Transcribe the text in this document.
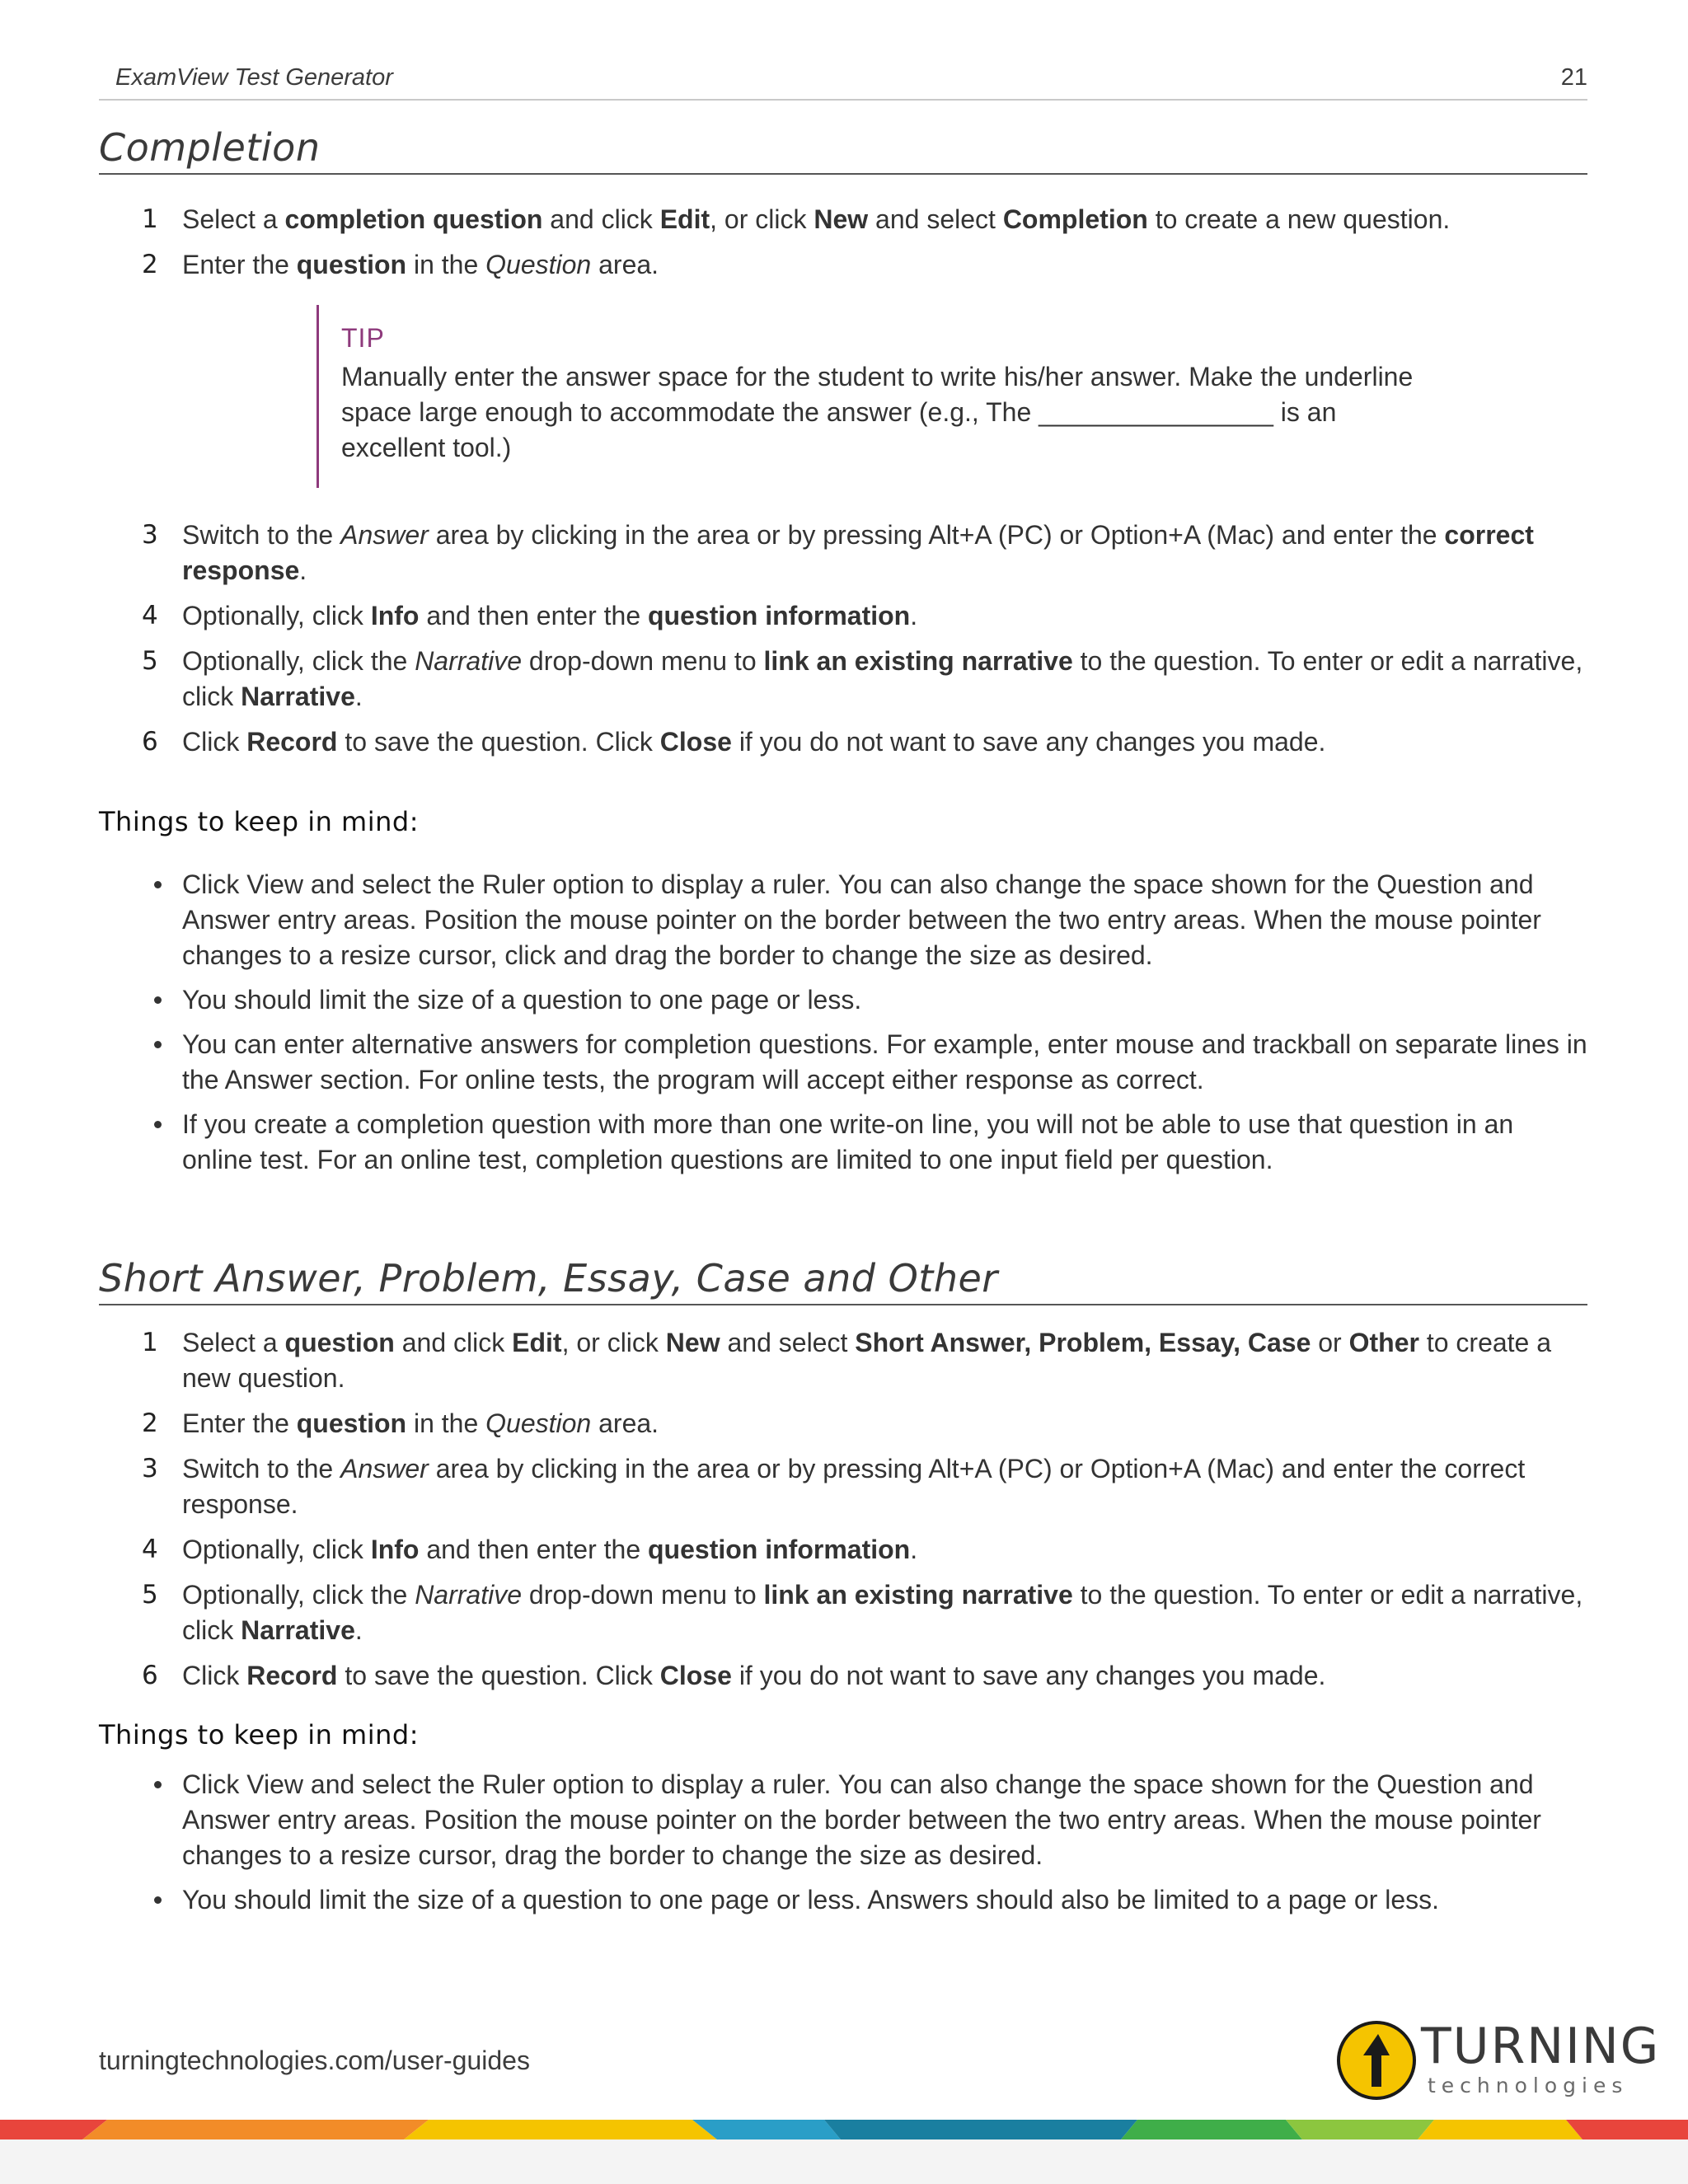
ExamView Test Generator	21
Completion
1 Select a completion question and click Edit, or click New and select Completion to create a new question.
2 Enter the question in the Question area.
TIP
Manually enter the answer space for the student to write his/her answer. Make the underline space large enough to accommodate the answer (e.g., The ________________ is an excellent tool.)
3 Switch to the Answer area by clicking in the area or by pressing Alt+A (PC) or Option+A (Mac) and enter the correct response.
4 Optionally, click Info and then enter the question information.
5 Optionally, click the Narrative drop-down menu to link an existing narrative to the question. To enter or edit a narrative, click Narrative.
6 Click Record to save the question. Click Close if you do not want to save any changes you made.
Things to keep in mind:
Click View and select the Ruler option to display a ruler. You can also change the space shown for the Question and Answer entry areas. Position the mouse pointer on the border between the two entry areas. When the mouse pointer changes to a resize cursor, click and drag the border to change the size as desired.
You should limit the size of a question to one page or less.
You can enter alternative answers for completion questions. For example, enter mouse and trackball on separate lines in the Answer section. For online tests, the program will accept either response as correct.
If you create a completion question with more than one write-on line, you will not be able to use that question in an online test. For an online test, completion questions are limited to one input field per question.
Short Answer, Problem, Essay, Case and Other
1 Select a question and click Edit, or click New and select Short Answer, Problem, Essay, Case or Other to create a new question.
2 Enter the question in the Question area.
3 Switch to the Answer area by clicking in the area or by pressing Alt+A (PC) or Option+A (Mac) and enter the correct response.
4 Optionally, click Info and then enter the question information.
5 Optionally, click the Narrative drop-down menu to link an existing narrative to the question. To enter or edit a narrative, click Narrative.
6 Click Record to save the question. Click Close if you do not want to save any changes you made.
Things to keep in mind:
Click View and select the Ruler option to display a ruler. You can also change the space shown for the Question and Answer entry areas. Position the mouse pointer on the border between the two entry areas. When the mouse pointer changes to a resize cursor, drag the border to change the size as desired.
You should limit the size of a question to one page or less. Answers should also be limited to a page or less.
turningtechnologies.com/user-guides	TURNING
technologies
